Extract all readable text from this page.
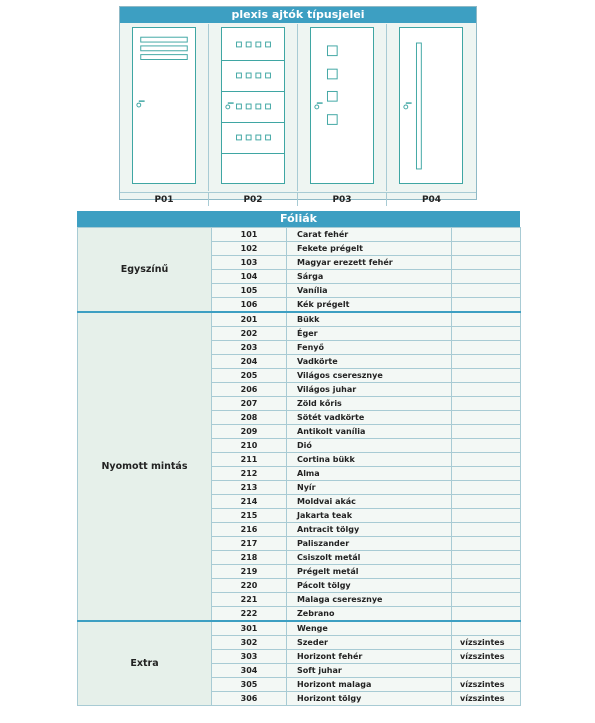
plexis ajtók típusjelei
P01	P02	P03	P04
Fóliák
Egyszínű	101	Carat fehér	
	102	Fekete prégelt	
	103	Magyar erezett fehér	
	104	Sárga	
	105	Vanília	
	106	Kék prégelt	
Nyomott mintás	201	Bükk	
	202	Éger	
	203	Fenyő	
	204	Vadkörte	
	205	Világos cseresznye	
	206	Világos juhar	
	207	Zöld kőris	
	208	Sötét vadkörte	
	209	Antikolt vanília	
	210	Dió	
	211	Cortina bükk	
	212	Alma	
	213	Nyír	
	214	Moldvai akác	
	215	Jakarta teak	
	216	Antracit tölgy	
	217	Paliszander	
	218	Csiszolt metál	
	219	Prégelt metál	
	220	Pácolt tölgy	
	221	Malaga cseresznye	
	222	Zebrano	
Extra	301	Wenge	
	302	Szeder	vízszintes
	303	Horizont fehér	vízszintes
	304	Soft juhar	
	305	Horizont malaga	vízszintes
	306	Horizont tölgy	vízszintes
